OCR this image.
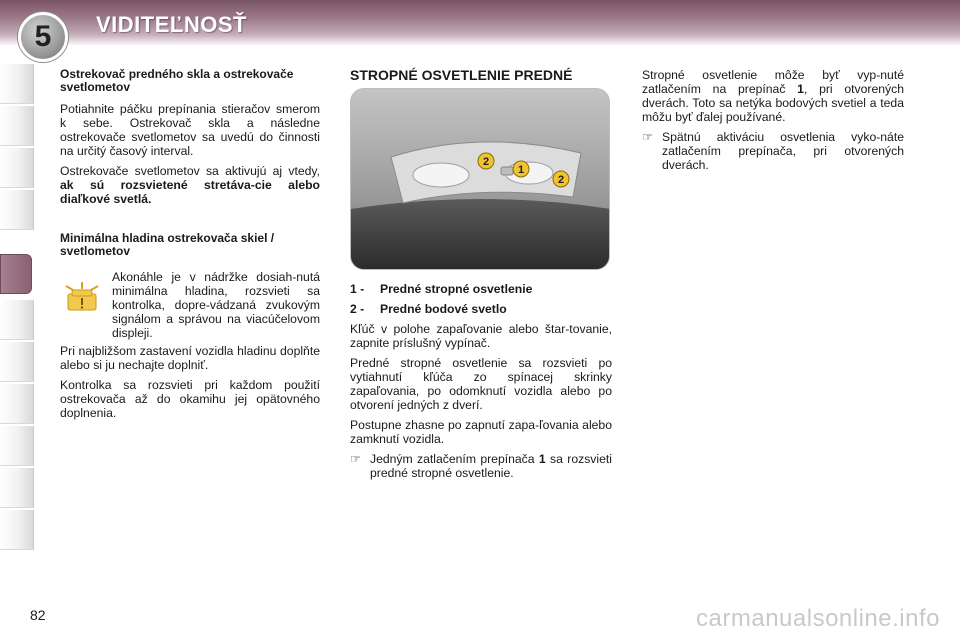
5 VIDITEĽNOSŤ
Ostrekovač predného skla a ostrekovače svetlometov

Potiahnite páčku prepínania stieračov smerom k sebe. Ostrekovač skla a následne ostrekovače svetlometov sa uvedú do činnosti na určitý časový interval.

Ostrekovače svetlometov sa aktivujú aj vtedy, ak sú rozsvietené stretáva-cie alebo diaľkové svetlá.

Minimálna hladina ostrekovača skiel / svetlometov

Akonáhle je v nádržke dosiah-nutá minimálna hladina, rozsvieti sa kontrolka, dopre-vádzaná zvukovým signálom a správou na viacúčelovom displeji.

Pri najbližšom zastavení vozidla hladinu doplňte alebo si ju nechajte doplniť.

Kontrolka sa rozsvieti pri každom použití ostrekovača až do okamihu jej opätovného doplnenia.

STROPNÉ OSVETLENIE PREDNÉ
2
1
2
1 -	Predné stropné osvetlenie
2 -	Predné bodové svetlo

Kľúč v polohe zapaľovanie alebo štar-tovanie, zapnite príslušný vypínač.

Predné stropné osvetlenie sa rozsvieti po vytiahnutí kľúča zo spínacej skrinky zapaľovania, po odomknutí vozidla alebo po otvorení jedných z dverí.

Postupne zhasne po zapnutí zapa-ľovania alebo zamknutí vozidla.

☞ Jedným zatlačením prepínača 1 sa rozsvieti predné stropné osvetlenie.

Stropné osvetlenie môže byť vyp-nuté zatlačením na prepínač 1, pri otvorených dverách. Toto sa netýka bodových svetiel a teda môžu byť ďalej používané.

☞ Spätnú aktiváciu osvetlenia vyko-náte zatlačením prepínača, pri otvorených dverách.
82	carmanualsonline.info
